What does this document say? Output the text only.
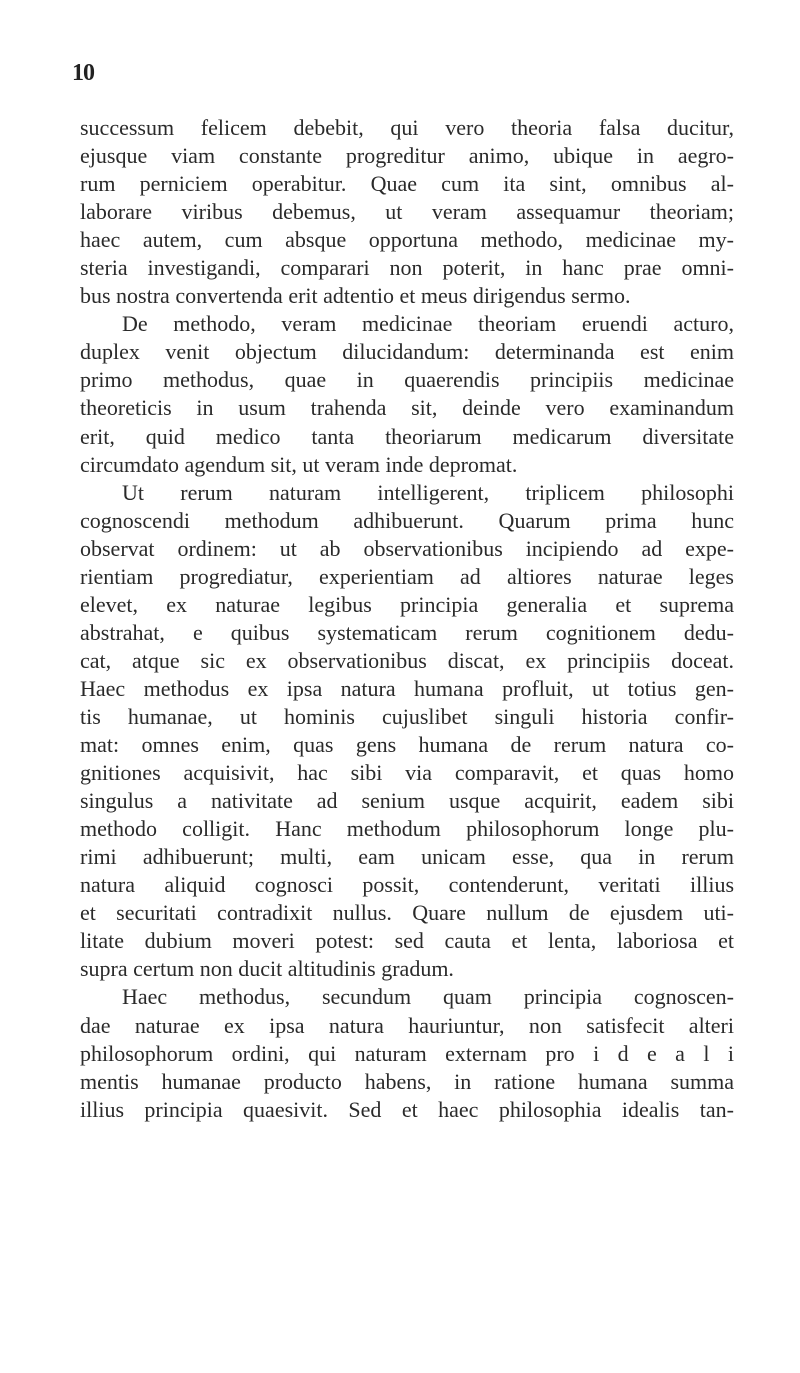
10
successum felicem debebit, qui vero theoria falsa ducitur,
ejusque viam constante progreditur animo, ubique in aegro-
rum perniciem operabitur. Quae cum ita sint, omnibus al-
laborare viribus debemus, ut veram assequamur theoriam;
haec autem, cum absque opportuna methodo, medicinae my-
steria investigandi, comparari non poterit, in hanc prae omni-
bus nostra convertenda erit adtentio et meus dirigendus sermo.
De methodo, veram medicinae theoriam eruendi acturo,
duplex venit objectum dilucidandum: determinanda est enim
primo methodus, quae in quaerendis principiis medicinae
theoreticis in usum trahenda sit, deinde vero examinandum
erit, quid medico tanta theoriarum medicarum diversitate
circumdato agendum sit, ut veram inde depromat.
Ut rerum naturam intelligerent, triplicem philosophi
cognoscendi methodum adhibuerunt. Quarum prima hunc
observat ordinem: ut ab observationibus incipiendo ad expe-
rientiam progrediatur, experientiam ad altiores naturae leges
elevet, ex naturae legibus principia generalia et suprema
abstrahat, e quibus systematicam rerum cognitionem dedu-
cat, atque sic ex observationibus discat, ex principiis doceat.
Haec methodus ex ipsa natura humana profluit, ut totius gen-
tis humanae, ut hominis cujuslibet singuli historia confir-
mat: omnes enim, quas gens humana de rerum natura co-
gnitiones acquisivit, hac sibi via comparavit, et quas homo
singulus a nativitate ad senium usque acquirit, eadem sibi
methodo colligit. Hanc methodum philosophorum longe plu-
rimi adhibuerunt; multi, eam unicam esse, qua in rerum
natura aliquid cognosci possit, contenderunt, veritati illius
et securitati contradixit nullus. Quare nullum de ejusdem uti-
litate dubium moveri potest: sed cauta et lenta, laboriosa et
supra certum non ducit altitudinis gradum.
Haec methodus, secundum quam principia cognoscen-
dae naturae ex ipsa natura hauriuntur, non satisfecit alteri
philosophorum ordini, qui naturam externam pro i d e a l i
mentis humanae producto habens, in ratione humana summa
illius principia quaesivit. Sed et haec philosophia idealis tan-
